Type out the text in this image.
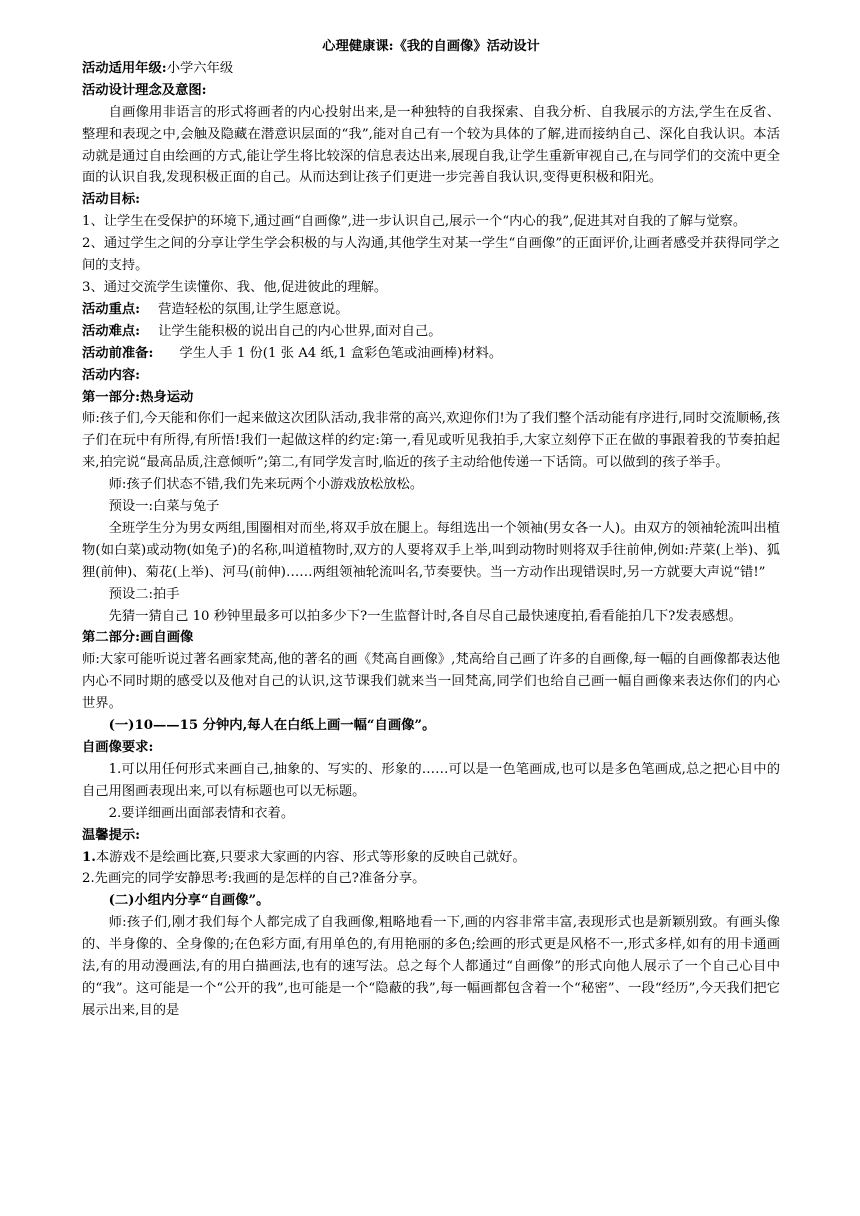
心理健康课:《我的自画像》活动设计

活动适用年级:小学六年级

活动设计理念及意图:

自画像用非语言的形式将画者的内心投射出来,是一种独特的自我探索、自我分析、自我展示的方法,学生在反省、整理和表现之中,会触及隐藏在潜意识层面的“我”,能对自己有一个较为具体的了解,进而接纳自己、深化自我认识。本活动就是通过自由绘画的方式,能让学生将比较深的信息表达出来,展现自我,让学生重新审视自己,在与同学们的交流中更全面的认识自我,发现积极正面的自己。从而达到让孩子们更进一步完善自我认识,变得更积极和阳光。

活动目标:

1、让学生在受保护的环境下,通过画“自画像”,进一步认识自己,展示一个“内心的我”,促进其对自我的了解与觉察。

2、通过学生之间的分享让学生学会积极的与人沟通,其他学生对某一学生“自画像”的正面评价,让画者感受并获得同学之间的支持。

3、通过交流学生读懂你、我、他,促进彼此的理解。

活动重点: 营造轻松的氛围,让学生愿意说。

活动难点: 让学生能积极的说出自己的内心世界,面对自己。

活动前准备: 学生人手 1 份(1 张 A4 纸,1 盒彩色笔或油画棒)材料。

活动内容:

第一部分:热身运动

师:孩子们,今天能和你们一起来做这次团队活动,我非常的高兴,欢迎你们!为了我们整个活动能有序进行,同时交流顺畅,孩子们在玩中有所得,有所悟!我们一起做这样的约定:第一,看见或听见我拍手,大家立刻停下正在做的事跟着我的节奏拍起来,拍完说“最高品质,注意倾听”;第二,有同学发言时,临近的孩子主动给他传递一下话筒。可以做到的孩子举手。

师:孩子们状态不错,我们先来玩两个小游戏放松放松。

预设一:白菜与兔子

全班学生分为男女两组,围圈相对而坐,将双手放在腿上。每组选出一个领袖(男女各一人)。由双方的领袖轮流叫出植物(如白菜)或动物(如兔子)的名称,叫道植物时,双方的人要将双手上举,叫到动物时则将双手往前伸,例如:芹菜(上举)、狐狸(前伸)、菊花(上举)、河马(前伸)……两组领袖轮流叫名,节奏要快。当一方动作出现错误时,另一方就要大声说“错!”

预设二:拍手

先猜一猜自己 10 秒钟里最多可以拍多少下?一生监督计时,各自尽自己最快速度拍,看看能拍几下?发表感想。

第二部分:画自画像

师:大家可能听说过著名画家梵高,他的著名的画《梵高自画像》,梵高给自己画了许多的自画像,每一幅的自画像都表达他内心不同时期的感受以及他对自己的认识,这节课我们就来当一回梵高,同学们也给自己画一幅自画像来表达你们的内心世界。

(一)10——15 分钟内,每人在白纸上画一幅“自画像”。

自画像要求:

1.可以用任何形式来画自己,抽象的、写实的、形象的……可以是一色笔画成,也可以是多色笔画成,总之把心目中的自己用图画表现出来,可以有标题也可以无标题。

2.要详细画出面部表情和衣着。

温馨提示:

1.本游戏不是绘画比赛,只要求大家画的内容、形式等形象的反映自己就好。

2.先画完的同学安静思考:我画的是怎样的自己?准备分享。

(二)小组内分享“自画像”。

师:孩子们,刚才我们每个人都完成了自我画像,粗略地看一下,画的内容非常丰富,表现形式也是新颖别致。有画头像的、半身像的、全身像的;在色彩方面,有用单色的,有用艳丽的多色;绘画的形式更是风格不一,形式多样,如有的用卡通画法,有的用动漫画法,有的用白描画法,也有的速写法。总之每个人都通过“自画像”的形式向他人展示了一个自己心目中的“我”。这可能是一个“公开的我”,也可能是一个“隐蔽的我”,每一幅画都包含着一个“秘密”、一段“经历”,今天我们把它展示出来,目的是
